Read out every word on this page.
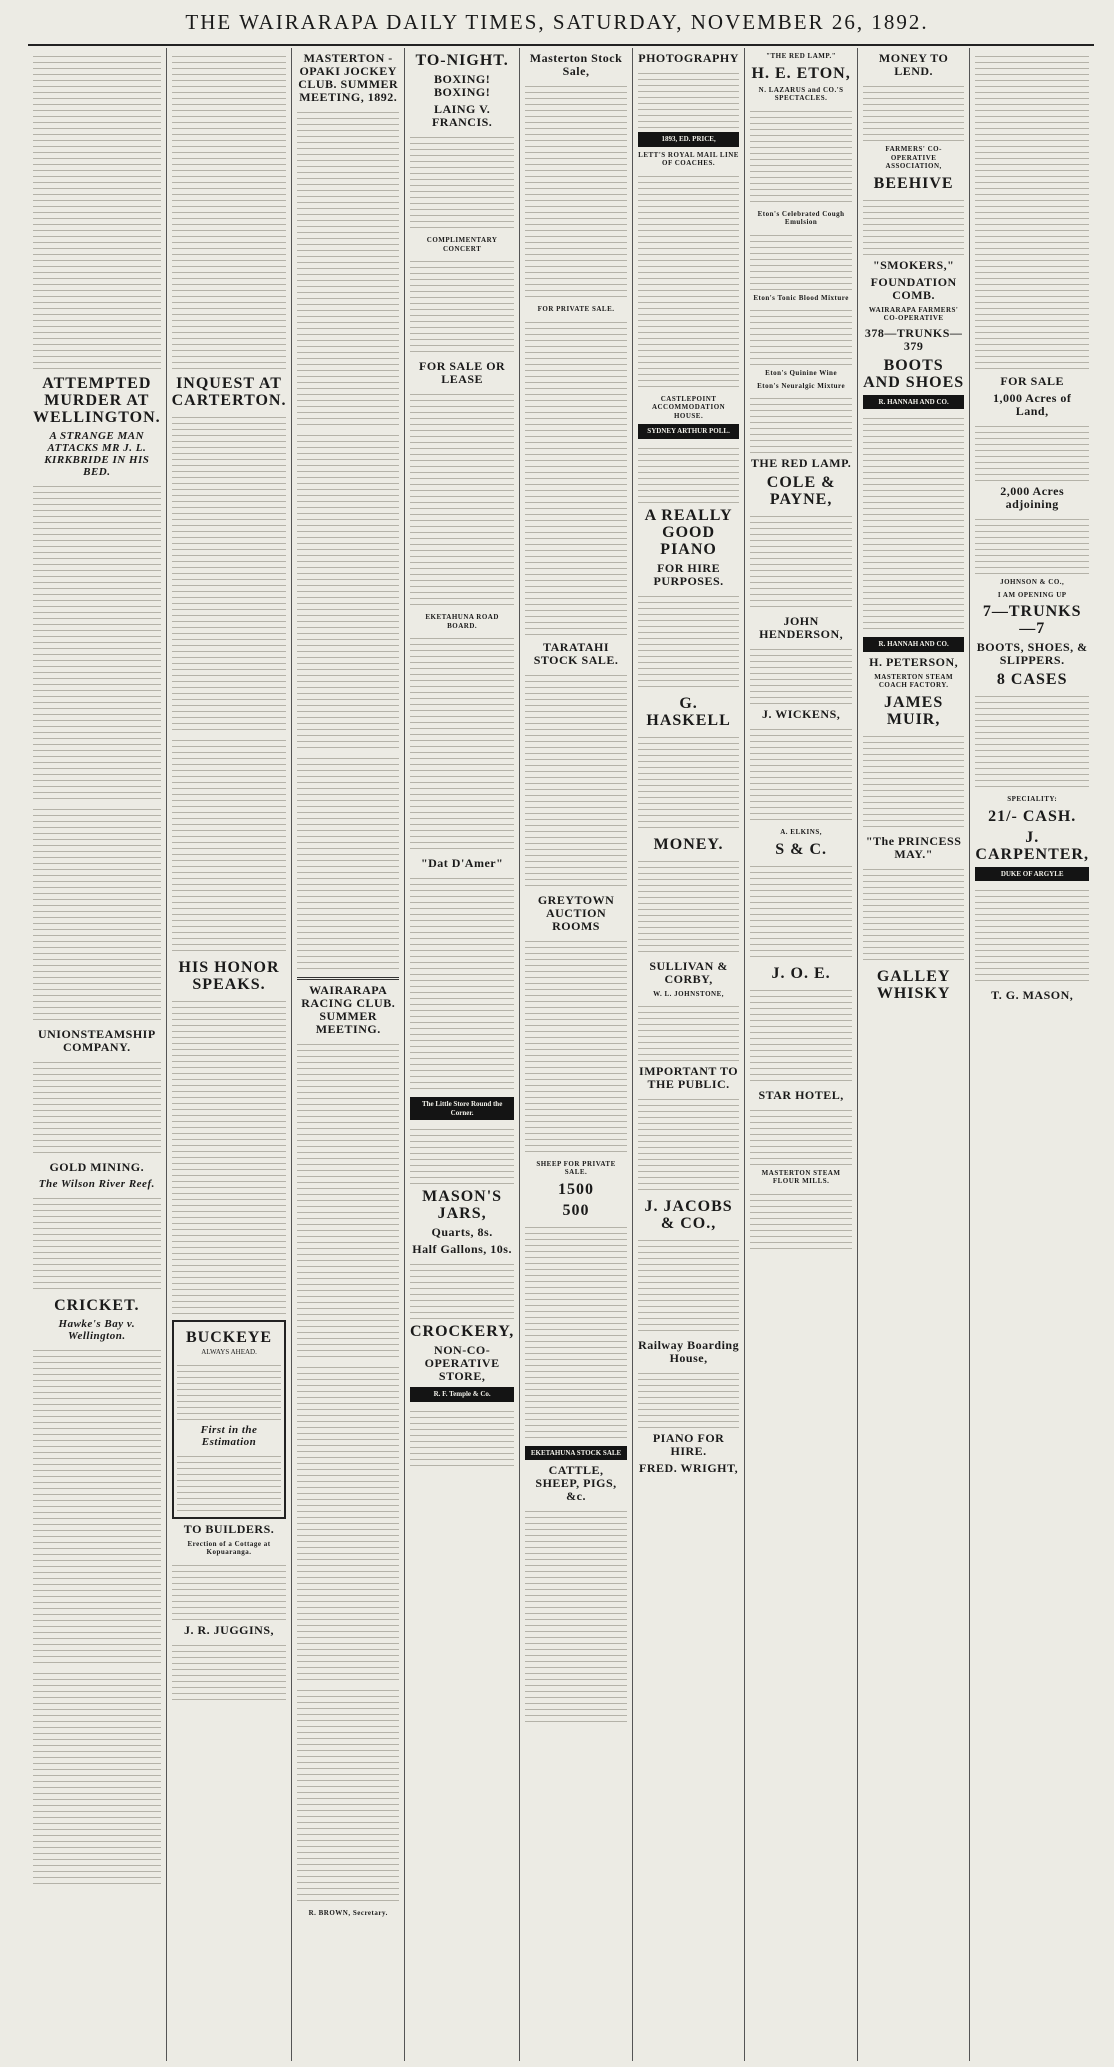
THE WAIRARAPA DAILY TIMES, SATURDAY, NOVEMBER 26, 1892.
ATTEMPTED MURDER AT WELLINGTON.
A STRANGE MAN ATTACKS MR J. L. KIRKBRIDE IN HIS BED.
UNIONSTEAMSHIP COMPANY.
GOLD MINING.
The Wilson River Reef.
CRICKET.
Hawke's Bay v. Wellington.
INQUEST AT CARTERTON.
HIS HONOR SPEAKS.
BUCKEYE
ALWAYS AHEAD.
First in the Estimation
TO BUILDERS.
Erection of a Cottage at Kopuaranga.
J. R. JUGGINS,
MASTERTON - OPAKI JOCKEY CLUB. SUMMER MEETING, 1892.
WAIRARAPA RACING CLUB. SUMMER MEETING.
R. BROWN, Secretary.
TO-NIGHT.
BOXING! BOXING!
LAING V. FRANCIS.
COMPLIMENTARY CONCERT
FOR SALE OR LEASE
EKETAHUNA ROAD BOARD.
"Dat D'Amer"
The Little Store Round the Corner.
MASON'S JARS,
Quarts, 8s.
Half Gallons, 10s.
CROCKERY,
NON-CO-OPERATIVE STORE,
R. F. Temple & Co.
Masterton Stock Sale,
FOR PRIVATE SALE.
TARATAHI STOCK SALE.
GREYTOWN AUCTION ROOMS
SHEEP FOR PRIVATE SALE.
1500
500
EKETAHUNA STOCK SALE
CATTLE, SHEEP, PIGS, &c.
PHOTOGRAPHY
1893, ED. PRICE,
LETT'S ROYAL MAIL LINE OF COACHES.
CASTLEPOINT ACCOMMODATION HOUSE.
SYDNEY ARTHUR POLL.
A REALLY GOOD PIANO
FOR HIRE PURPOSES.
G. HASKELL
MONEY.
SULLIVAN & CORBY,
W. L. JOHNSTONE,
IMPORTANT TO THE PUBLIC.
J. JACOBS & CO.,
Railway Boarding House,
PIANO FOR HIRE.
FRED. WRIGHT,
"THE RED LAMP."
H. E. ETON,
N. LAZARUS and CO.'S SPECTACLES.
Eton's Celebrated Cough Emulsion
Eton's Tonic Blood Mixture
Eton's Quinine Wine
Eton's Neuralgic Mixture
THE RED LAMP.
COLE & PAYNE,
JOHN HENDERSON,
J. WICKENS,
A. ELKINS,
S & C.
J. O. E.
STAR HOTEL,
MASTERTON STEAM FLOUR MILLS.
MONEY TO LEND.
FARMERS' CO-OPERATIVE ASSOCIATION,
BEEHIVE
"SMOKERS,"
FOUNDATION COMB.
WAIRARAPA FARMERS' CO-OPERATIVE
378—TRUNKS—379
BOOTS AND SHOES
R. HANNAH AND CO.
R. HANNAH AND CO.
H. PETERSON,
MASTERTON STEAM COACH FACTORY.
JAMES MUIR,
"The PRINCESS MAY."
GALLEY WHISKY
FOR SALE
1,000 Acres of Land,
2,000 Acres adjoining
JOHNSON & CO.,
I AM OPENING UP
7—TRUNKS—7
BOOTS, SHOES, & SLIPPERS.
8 CASES
SPECIALITY:
21/- CASH.
J. CARPENTER,
DUKE OF ARGYLE
T. G. MASON,
